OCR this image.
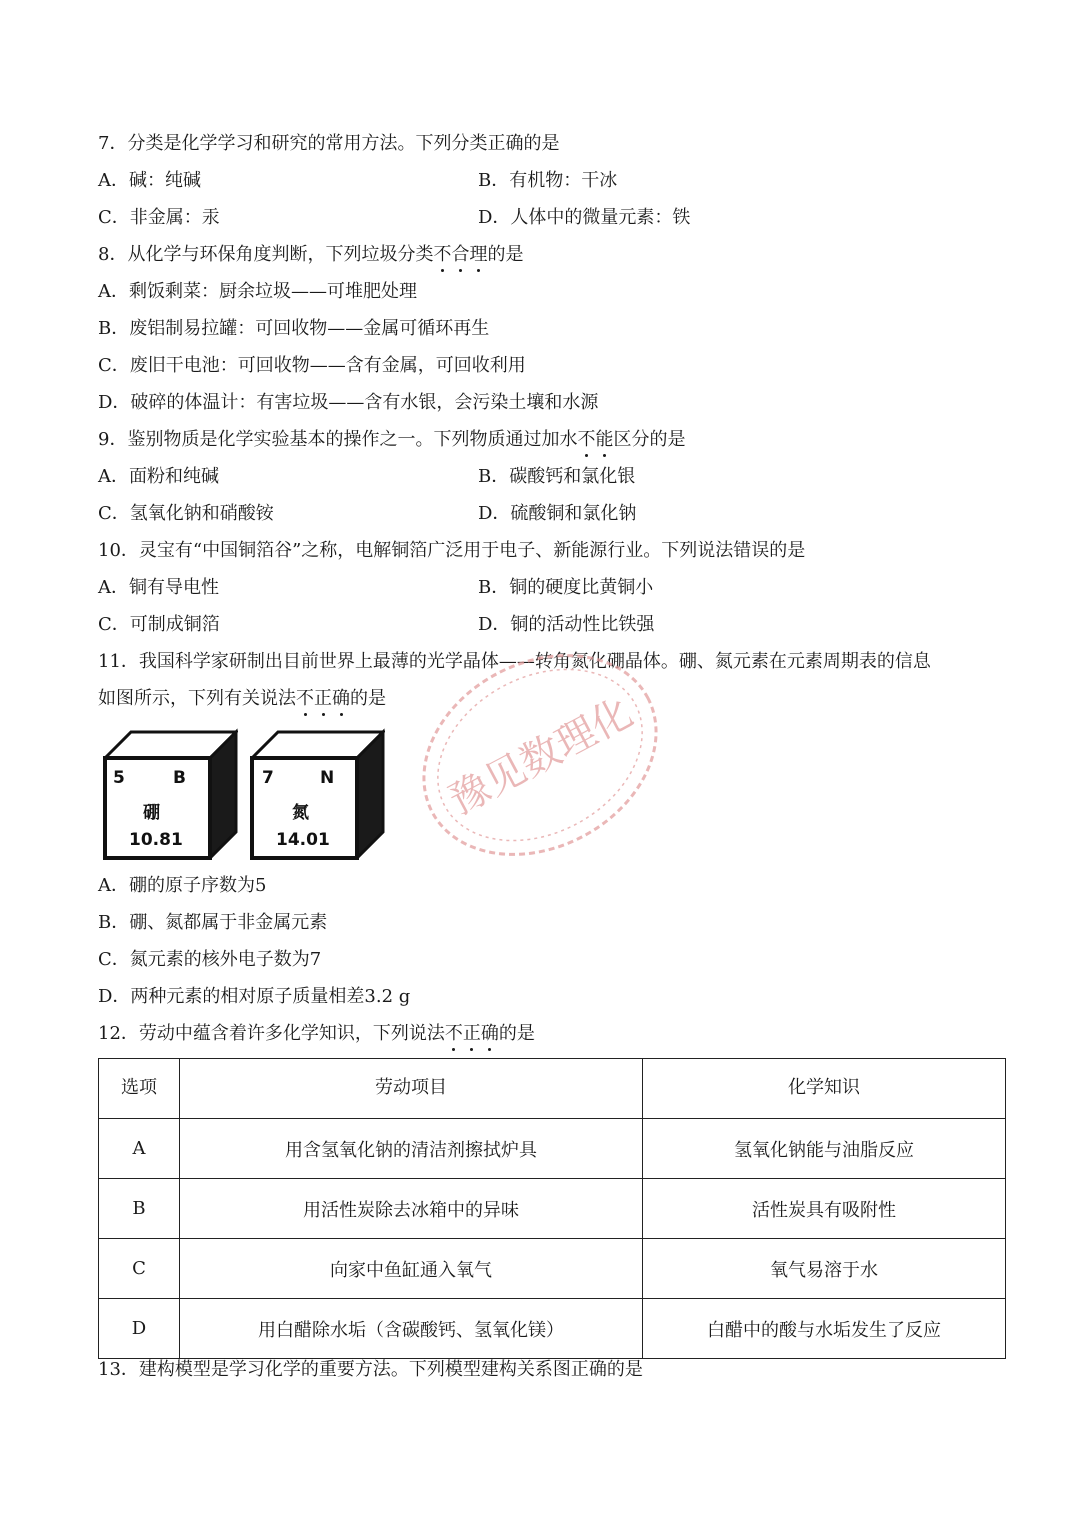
7．分类是化学学习和研究的常用方法。下列分类正确的是
A．碱：纯碱	B．有机物：干冰
C．非金属：汞	D．人体中的微量元素：铁
8．从化学与环保角度判断，下列垃圾分类不合理的是
A．剩饭剩菜：厨余垃圾——可堆肥处理
B．废铝制易拉罐：可回收物——金属可循环再生
C．废旧干电池：可回收物——含有金属，可回收利用
D．破碎的体温计：有害垃圾——含有水银，会污染土壤和水源
9．鉴别物质是化学实验基本的操作之一。下列物质通过加水不能区分的是
A．面粉和纯碱	B．碳酸钙和氯化银
C．氢氧化钠和硝酸铵	D．硫酸铜和氯化钠
10．灵宝有“中国铜箔谷”之称，电解铜箔广泛用于电子、新能源行业。下列说法错误的是
A．铜有导电性	B．铜的硬度比黄铜小
C．可制成铜箔	D．铜的活动性比铁强
11．我国科学家研制出目前世界上最薄的光学晶体——转角氮化硼晶体。硼、氮元素在元素周期表的信息
如图所示，下列有关说法不正确的是
5	B
硼
10.81
7	N
氮
14.01
豫见数理化
A．硼的原子序数为5
B．硼、氮都属于非金属元素
C．氮元素的核外电子数为7
D．两种元素的相对原子质量相差3.2 g
12．劳动中蕴含着许多化学知识，下列说法不正确的是
选项	劳动项目	化学知识
A	用含氢氧化钠的清洁剂擦拭炉具	氢氧化钠能与油脂反应
B	用活性炭除去冰箱中的异味	活性炭具有吸附性
C	向家中鱼缸通入氧气	氧气易溶于水
D	用白醋除水垢（含碳酸钙、氢氧化镁）	白醋中的酸与水垢发生了反应
13．建构模型是学习化学的重要方法。下列模型建构关系图正确的是
